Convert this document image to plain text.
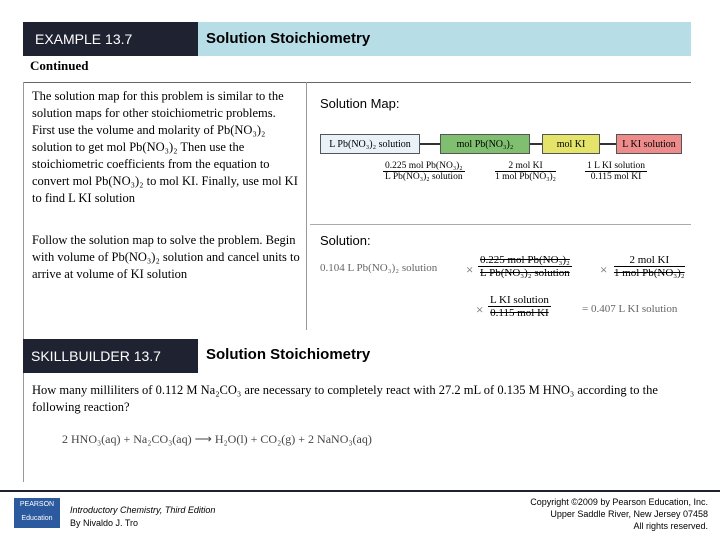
EXAMPLE 13.7	Solution Stoichiometry
Continued
The solution map for this problem is similar to the solution maps for other stoichiometric problems. First use the volume and molarity of Pb(NO₃)₂ solution to get mol Pb(NO₃)₂ Then use the stoichiometric coefficients from the equation to convert mol Pb(NO₃)₂ to mol KI. Finally, use mol KI to find L KI solution
Follow the solution map to solve the problem. Begin with volume of Pb(NO₃)₂ solution and cancel units to arrive at volume of KI solution
Solution Map:
L Pb(NO₃)₂ solution	mol Pb(NO₃)₂	mol KI	L KI solution
0.225 mol Pb(NO₃)₂
L Pb(NO₃)₂ solution
2 mol KI
1 mol Pb(NO₃)₂
1 L KI solution
0.115 mol KI
Solution:
0.104 L Pb(NO₃)₂ solution ×
0.225 mol Pb(NO₃)₂
L Pb(NO₃)₂ solution ×
2 mol KI
1 mol Pb(NO₃)₂
×
L KI solution
0.115 mol KI	= 0.407 L KI solution
SKILLBUILDER 13.7	Solution Stoichiometry
How many milliliters of 0.112 M Na₂CO₃ are necessary to completely react with 27.2 mL of 0.135 M HNO₃ according to the following reaction?
2 HNO₃(aq) + Na₂CO₃(aq) ⟶ H₂O(l) + CO₂(g) + 2 NaNO₃(aq)
PEARSON
Education
Introductory Chemistry, Third Edition
By Nivaldo J. Tro
Copyright ©2009 by Pearson Education, Inc.
Upper Saddle River, New Jersey 07458
All rights reserved.
